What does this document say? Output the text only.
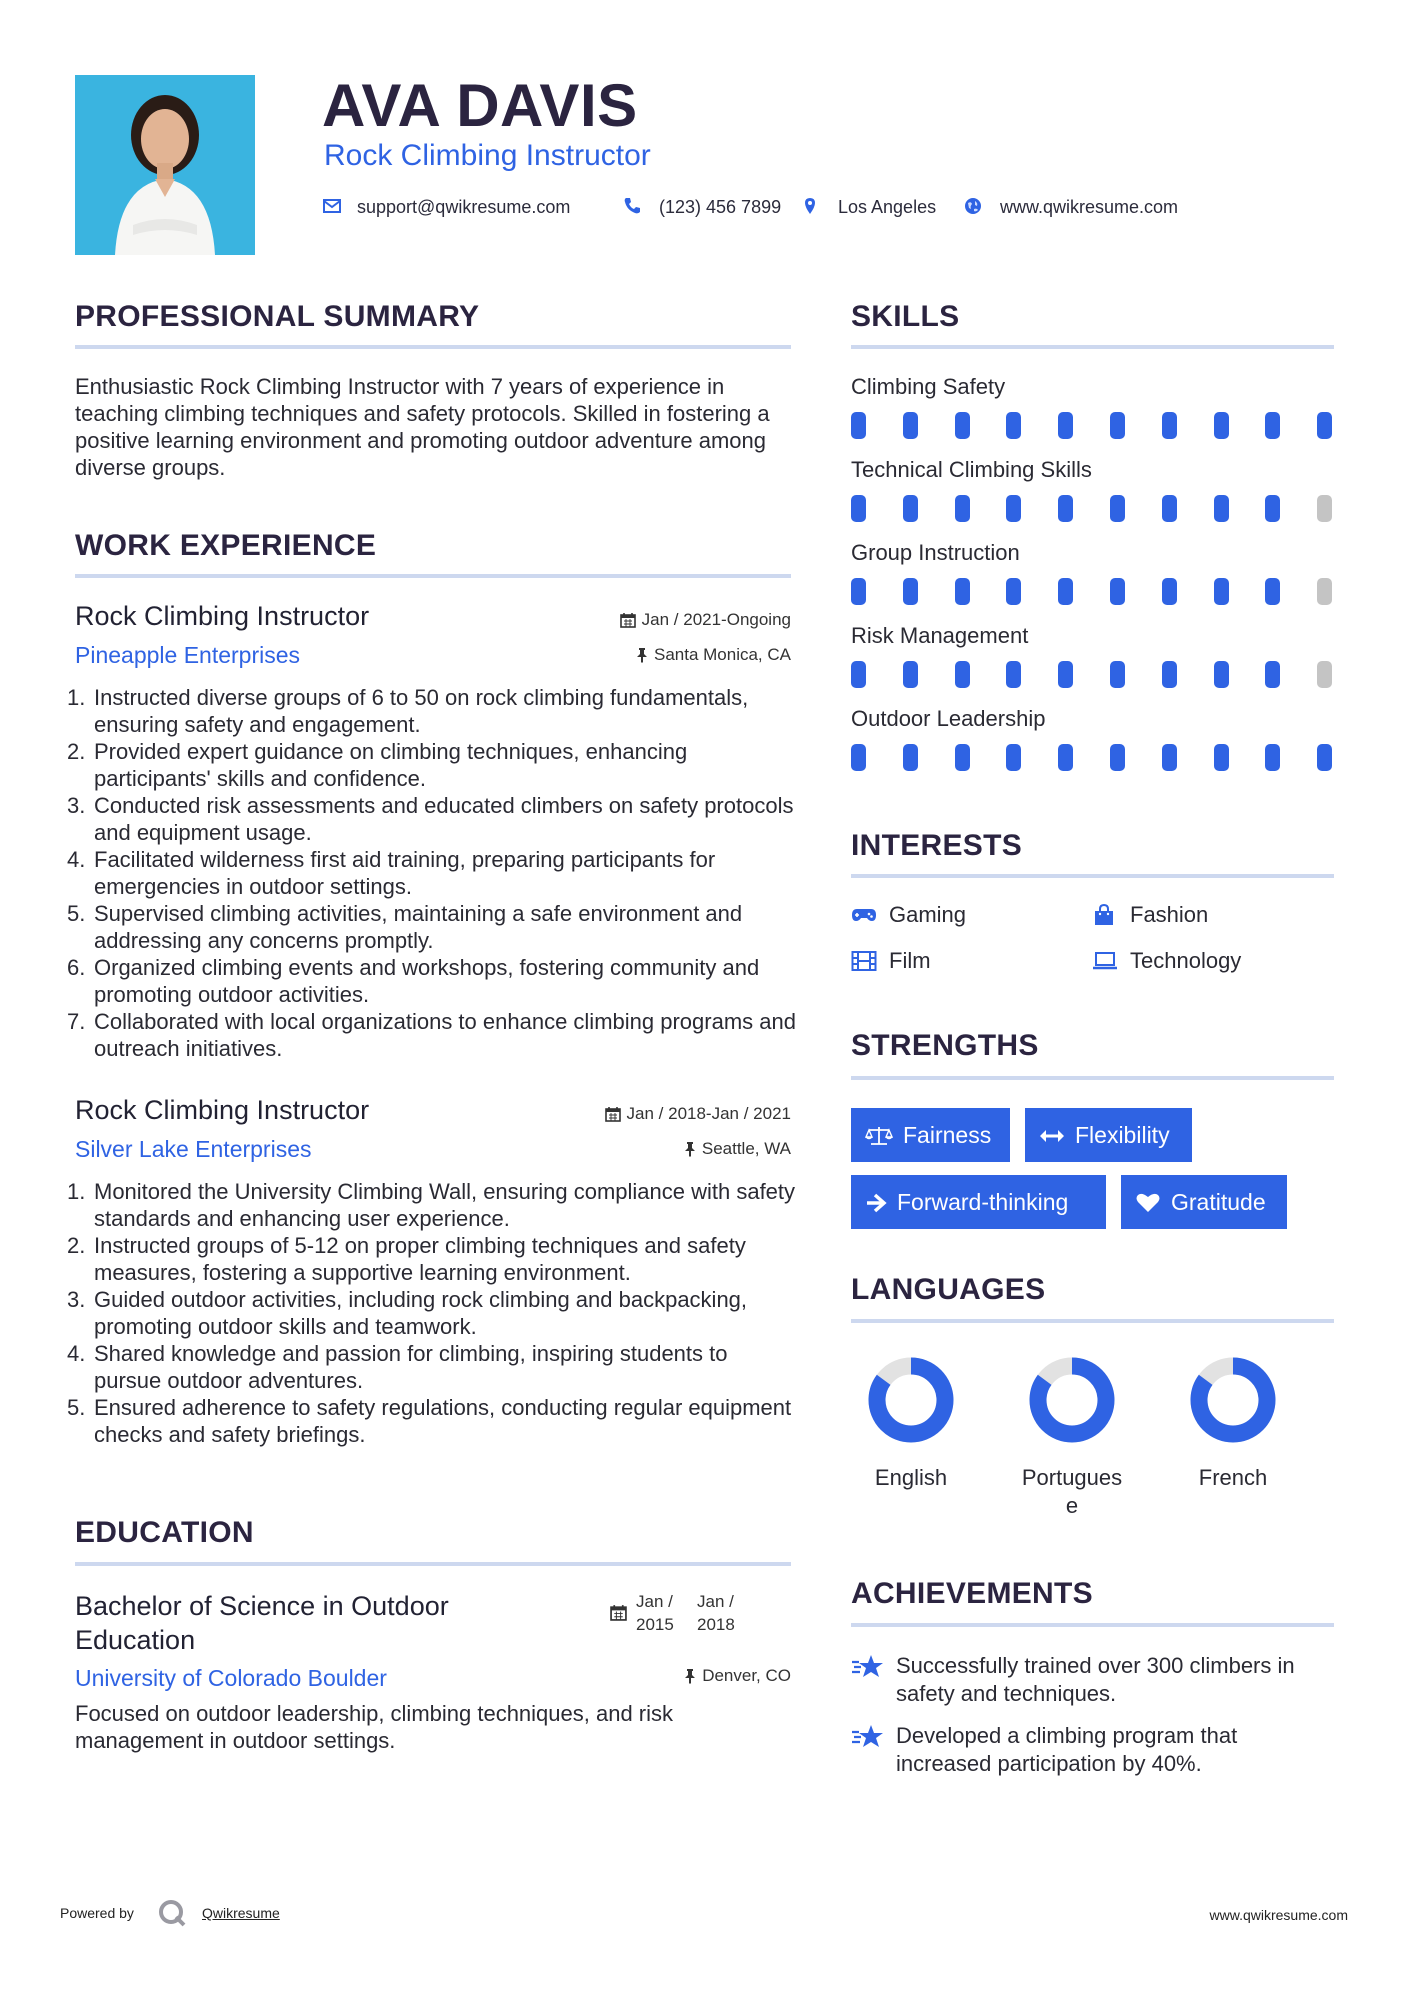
AVA DAVIS
Rock Climbing Instructor
support@qwikresume.com	(123) 456 7899	Los Angeles	www.qwikresume.com
PROFESSIONAL SUMMARY
Enthusiastic Rock Climbing Instructor with 7 years of experience in teaching climbing techniques and safety protocols. Skilled in fostering a positive learning environment and promoting outdoor adventure among diverse groups.
WORK EXPERIENCE
Rock Climbing Instructor	Jan / 2021-Ongoing
Pineapple Enterprises	Santa Monica, CA
1. Instructed diverse groups of 6 to 50 on rock climbing fundamentals, ensuring safety and engagement.
2. Provided expert guidance on climbing techniques, enhancing participants' skills and confidence.
3. Conducted risk assessments and educated climbers on safety protocols and equipment usage.
4. Facilitated wilderness first aid training, preparing participants for emergencies in outdoor settings.
5. Supervised climbing activities, maintaining a safe environment and addressing any concerns promptly.
6. Organized climbing events and workshops, fostering community and promoting outdoor activities.
7. Collaborated with local organizations to enhance climbing programs and outreach initiatives.
Rock Climbing Instructor	Jan / 2018-Jan / 2021
Silver Lake Enterprises	Seattle, WA
1. Monitored the University Climbing Wall, ensuring compliance with safety standards and enhancing user experience.
2. Instructed groups of 5-12 on proper climbing techniques and safety measures, fostering a supportive learning environment.
3. Guided outdoor activities, including rock climbing and backpacking, promoting outdoor skills and teamwork.
4. Shared knowledge and passion for climbing, inspiring students to pursue outdoor adventures.
5. Ensured adherence to safety regulations, conducting regular equipment checks and safety briefings.
EDUCATION
Bachelor of Science in Outdoor Education
Jan / 2015
Jan / 2018
University of Colorado Boulder	Denver, CO
Focused on outdoor leadership, climbing techniques, and risk management in outdoor settings.
SKILLS
Climbing Safety
Technical Climbing Skills
Group Instruction
Risk Management
Outdoor Leadership
INTERESTS
Gaming	Fashion
Film	Technology
STRENGTHS
Fairness	Flexibility
Forward-thinking	Gratitude
LANGUAGES
English	Portugues
e
French
ACHIEVEMENTS
Successfully trained over 300 climbers in safety and techniques.
Developed a climbing program that increased participation by 40%.
Powered by	Qwikresume	www.qwikresume.com
